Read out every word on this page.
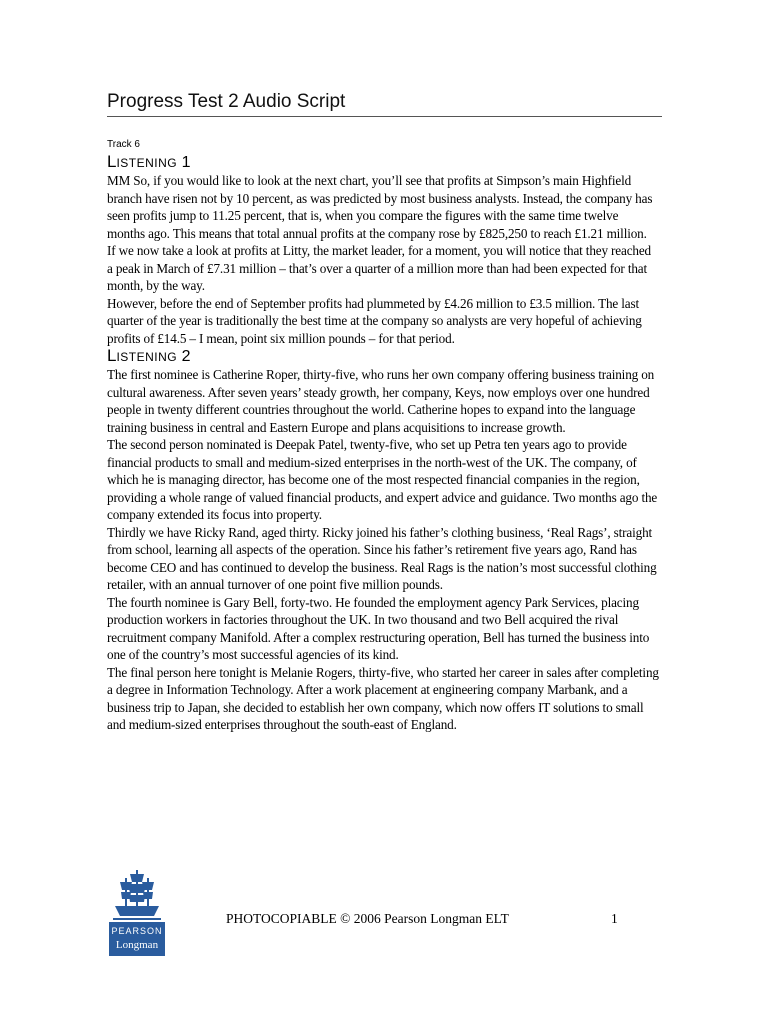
Progress Test 2 Audio Script
Track 6
LISTENING 1

MM So, if you would like to look at the next chart, you’ll see that profits at Simpson’s main Highfield branch have risen not by 10 percent, as was predicted by most business analysts. Instead, the company has seen profits jump to 11.25 percent, that is, when you compare the figures with the same time twelve months ago. This means that total annual profits at the company rose by £825,250 to reach £1.21 million.

If we now take a look at profits at Litty, the market leader, for a moment, you will notice that they reached a peak in March of £7.31 million – that’s over a quarter of a million more than had been expected for that month, by the way.

However, before the end of September profits had plummeted by £4.26 million to £3.5 million. The last quarter of the year is traditionally the best time at the company so analysts are very hopeful of achieving profits of £14.5 – I mean, point six million pounds – for that period.

LISTENING 2

The first nominee is Catherine Roper, thirty-five, who runs her own company offering business training on cultural awareness. After seven years’ steady growth, her company, Keys, now employs over one hundred people in twenty different countries throughout the world. Catherine hopes to expand into the language training business in central and Eastern Europe and plans acquisitions to increase growth.

The second person nominated is Deepak Patel, twenty-five, who set up Petra ten years ago to provide financial products to small and medium-sized enterprises in the north-west of the UK. The company, of which he is managing director, has become one of the most respected financial companies in the region, providing a whole range of valued financial products, and expert advice and guidance. Two months ago the company extended its focus into property.

Thirdly we have Ricky Rand, aged thirty. Ricky joined his father’s clothing business, ‘Real Rags’, straight from school, learning all aspects of the operation. Since his father’s retirement five years ago, Rand has become CEO and has continued to develop the business. Real Rags is the nation’s most successful clothing retailer, with an annual turnover of one point five million pounds.

The fourth nominee is Gary Bell, forty-two. He founded the employment agency Park Services, placing production workers in factories throughout the UK. In two thousand and two Bell acquired the rival recruitment company Manifold. After a complex restructuring operation, Bell has turned the business into one of the country’s most successful agencies of its kind.

The final person here tonight is Melanie Rogers, thirty-five, who started her career in sales after completing a degree in Information Technology. After a work placement at engineering company Marbank, and a business trip to Japan, she decided to establish her own company, which now offers IT solutions to small and medium-sized enterprises throughout the south-east of England.

PEARSON
Longman
PHOTOCOPIABLE © 2006 Pearson Longman ELT	1
